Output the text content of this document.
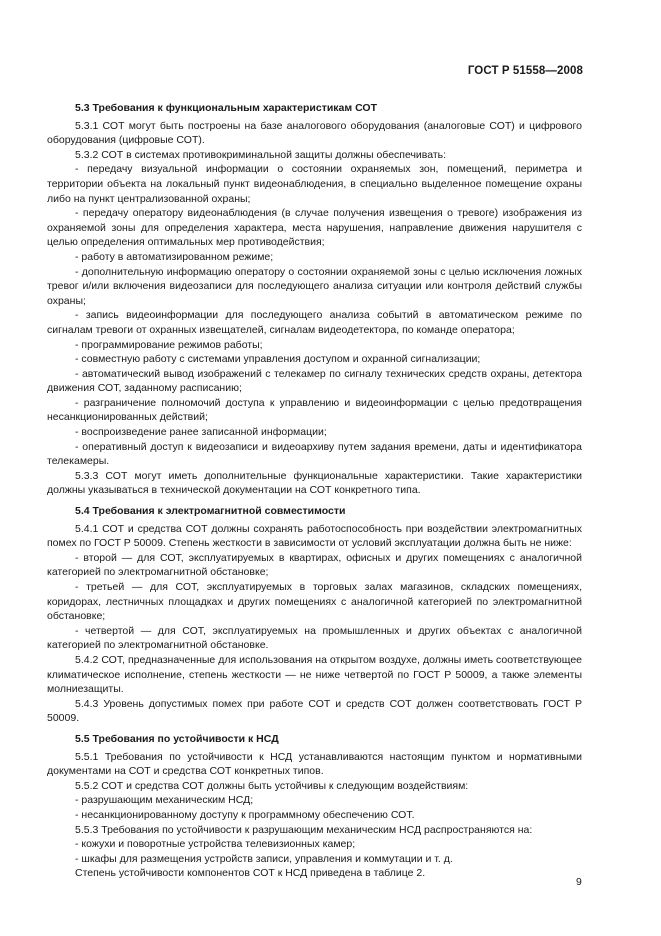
ГОСТ Р 51558—2008

5.3 Требования к функциональным характеристикам СОТ

5.3.1 СОТ могут быть построены на базе аналогового оборудования (аналоговые СОТ) и цифрового оборудования (цифровые СОТ).

5.3.2 СОТ в системах противокриминальной защиты должны обеспечивать:

- передачу визуальной информации о состоянии охраняемых зон, помещений, периметра и территории объекта на локальный пункт видеонаблюдения, в специально выделенное помещение охраны либо на пункт централизованной охраны;

- передачу оператору видеонаблюдения (в случае получения извещения о тревоге) изображения из охраняемой зоны для определения характера, места нарушения, направление движения нарушителя с целью определения оптимальных мер противодействия;

- работу в автоматизированном режиме;

- дополнительную информацию оператору о состоянии охраняемой зоны с целью исключения ложных тревог и/или включения видеозаписи для последующего анализа ситуации или контроля действий службы охраны;

- запись видеоинформации для последующего анализа событий в автоматическом режиме по сигналам тревоги от охранных извещателей, сигналам видеодетектора, по команде оператора;

- программирование режимов работы;

- совместную работу с системами управления доступом и охранной сигнализации;

- автоматический вывод изображений с телекамер по сигналу технических средств охраны, детектора движения СОТ, заданному расписанию;

- разграничение полномочий доступа к управлению и видеоинформации с целью предотвращения несанкционированных действий;

- воспроизведение ранее записанной информации;

- оперативный доступ к видеозаписи и видеоархиву путем задания времени, даты и идентификатора телекамеры.

5.3.3 СОТ могут иметь дополнительные функциональные характеристики. Такие характеристики должны указываться в технической документации на СОТ конкретного типа.

5.4 Требования к электромагнитной совместимости

5.4.1 СОТ и средства СОТ должны сохранять работоспособность при воздействии электромагнитных помех по ГОСТ Р 50009. Степень жесткости в зависимости от условий эксплуатации должна быть не ниже:

- второй — для СОТ, эксплуатируемых в квартирах, офисных и других помещениях с аналогичной категорией по электромагнитной обстановке;

- третьей — для СОТ, эксплуатируемых в торговых залах магазинов, складских помещениях, коридорах, лестничных площадках и других помещениях с аналогичной категорией по электромагнитной обстановке;

- четвертой — для СОТ, эксплуатируемых на промышленных и других объектах с аналогичной категорией по электромагнитной обстановке.

5.4.2 СОТ, предназначенные для использования на открытом воздухе, должны иметь соответствующее климатическое исполнение, степень жесткости — не ниже четвертой по ГОСТ Р 50009, а также элементы молниезащиты.

5.4.3 Уровень допустимых помех при работе СОТ и средств СОТ должен соответствовать ГОСТ Р 50009.

5.5 Требования по устойчивости к НСД

5.5.1 Требования по устойчивости к НСД устанавливаются настоящим пунктом и нормативными документами на СОТ и средства СОТ конкретных типов.

5.5.2 СОТ и средства СОТ должны быть устойчивы к следующим воздействиям:

- разрушающим механическим НСД;

- несанкционированному доступу к программному обеспечению СОТ.

5.5.3 Требования по устойчивости к разрушающим механическим НСД распространяются на:

- кожухи и поворотные устройства телевизионных камер;

- шкафы для размещения устройств записи, управления и коммутации и т. д.

Степень устойчивости компонентов СОТ к НСД приведена в таблице 2.

9
